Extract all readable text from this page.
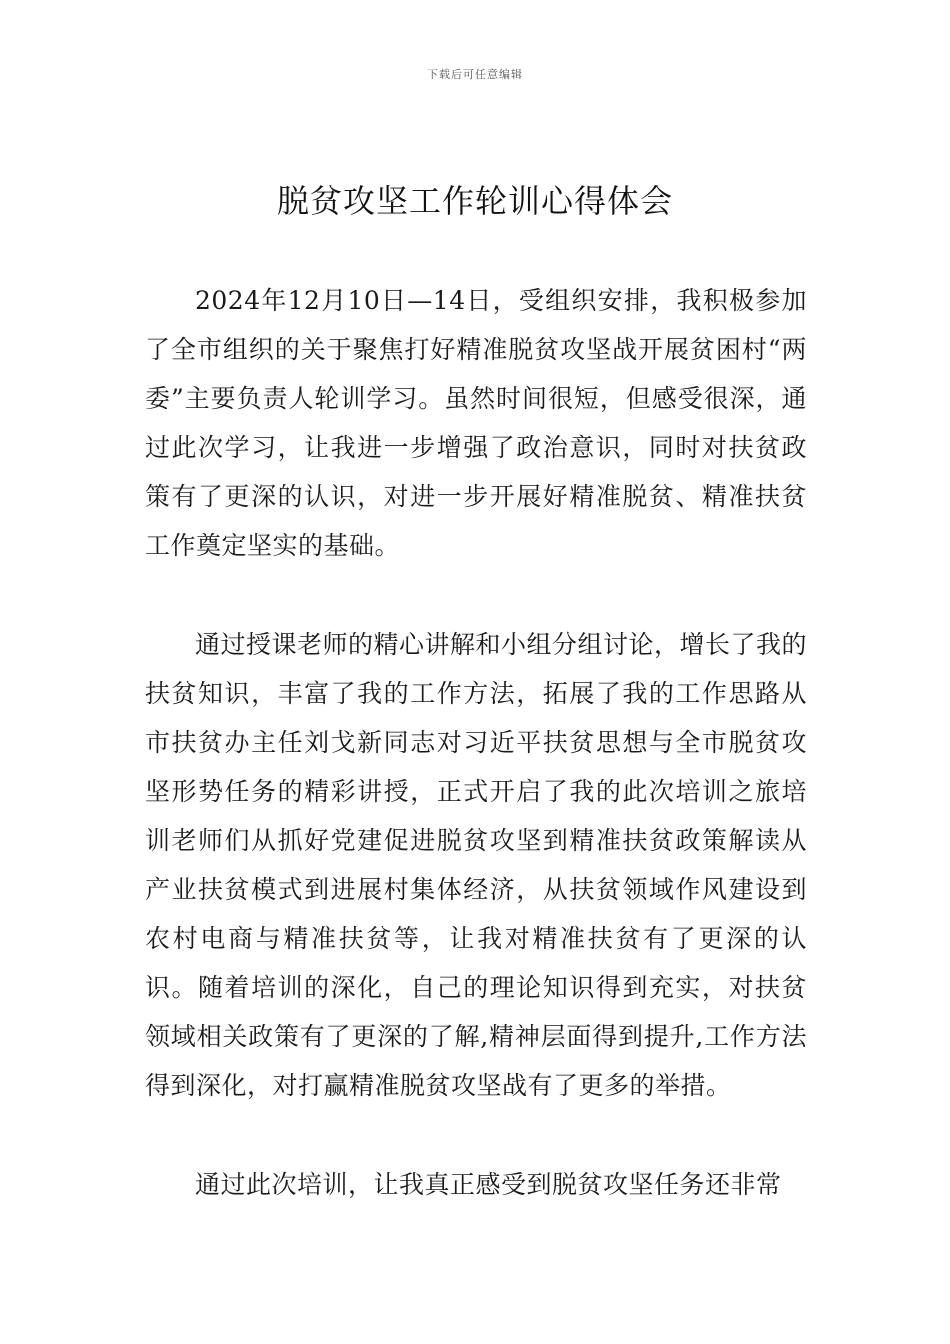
下载后可任意编辑
脱贫攻坚工作轮训心得体会

2024年12月10日—14日，受组织安排，我积极参加了全市组织的关于聚焦打好精准脱贫攻坚战开展贫困村“两委”主要负责人轮训学习。虽然时间很短，但感受很深，通过此次学习，让我进一步增强了政治意识，同时对扶贫政策有了更深的认识，对进一步开展好精准脱贫、精准扶贫工作奠定坚实的基础。

通过授课老师的精心讲解和小组分组讨论，增长了我的扶贫知识，丰富了我的工作方法，拓展了我的工作思路从市扶贫办主任刘戈新同志对习近平扶贫思想与全市脱贫攻坚形势任务的精彩讲授，正式开启了我的此次培训之旅培训老师们从抓好党建促进脱贫攻坚到精准扶贫政策解读从产业扶贫模式到进展村集体经济，从扶贫领域作风建设到农村电商与精准扶贫等，让我对精准扶贫有了更深的认识。随着培训的深化，自己的理论知识得到充实，对扶贫领域相关政策有了更深的了解,精神层面得到提升,工作方法得到深化，对打赢精准脱贫攻坚战有了更多的举措。

通过此次培训，让我真正感受到脱贫攻坚任务还非常
